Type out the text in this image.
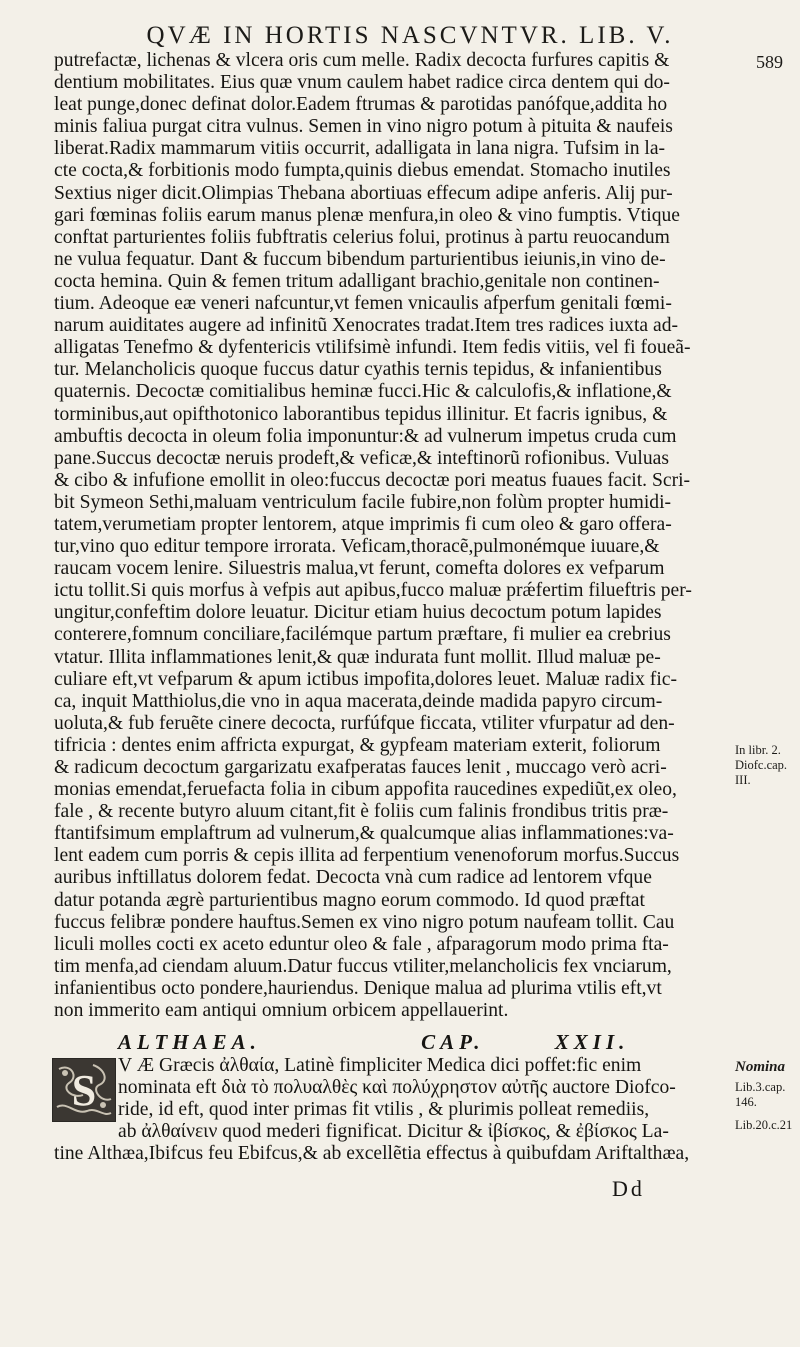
QVÆ IN HORTIS NASCVNTVR. LIB. V.
589
putrefactæ, lichenas & vlcera oris cum melle. Radix decocta furfures capitis &
dentium mobilitates. Eius quæ vnum caulem habet radice circa dentem qui do-
leat punge,donec definat dolor.Eadem ftrumas & parotidas panófque,addita ho
minis faliua purgat citra vulnus. Semen in vino nigro potum à pituita & naufeis
liberat.Radix mammarum vitiis occurrit, adalligata in lana nigra. Tufsim in la-
cte cocta,& forbitionis modo fumpta,quinis diebus emendat. Stomacho inutiles
Sextius niger dicit.Olimpias Thebana abortiuas effecum adipe anferis. Alij pur-
gari fœminas foliis earum manus plenæ menfura,in oleo & vino fumptis. Vtique
conftat parturientes foliis fubftratis celerius folui, protinus à partu reuocandum
ne vulua fequatur. Dant & fuccum bibendum parturientibus ieiunis,in vino de-
cocta hemina. Quin & femen tritum adalligant brachio,genitale non continen-
tium. Adeoque eæ veneri nafcuntur,vt femen vnicaulis afperfum genitali fœmi-
narum auiditates augere ad infinitũ Xenocrates tradat.Item tres radices iuxta ad-
alligatas Tenefmo & dyfentericis vtilifsimè infundi. Item fedis vitiis, vel fi foueã-
tur. Melancholicis quoque fuccus datur cyathis ternis tepidus, & infanientibus
quaternis. Decoctæ comitialibus heminæ fucci.Hic & calculofis,& inflatione,&
torminibus,aut opifthotonico laborantibus tepidus illinitur. Et facris ignibus, &
ambuftis decocta in oleum folia imponuntur:& ad vulnerum impetus cruda cum
pane.Succus decoctæ neruis prodeft,& veficæ,& inteftinorũ rofionibus. Vuluas
& cibo & infufione emollit in oleo:fuccus decoctæ pori meatus fuaues facit. Scri-
bit Symeon Sethi,maluam ventriculum facile fubire,non folùm propter humidi-
tatem,verumetiam propter lentorem, atque imprimis fi cum oleo & garo offera-
tur,vino quo editur tempore irrorata. Veficam,thoracẽ,pulmonémque iuuare,&
raucam vocem lenire. Siluestris malua,vt ferunt, comefta dolores ex vefparum
ictu tollit.Si quis morfus à vefpis aut apibus,fucco maluæ prǽfertim filueftris per-
ungitur,confeftim dolore leuatur. Dicitur etiam huius decoctum potum lapides
conterere,fomnum conciliare,facilémque partum præftare, fi mulier ea crebrius
vtatur. Illita inflammationes lenit,& quæ indurata funt mollit. Illud maluæ pe-
culiare eft,vt vefparum & apum ictibus impofita,dolores leuet. Maluæ radix fic-
ca, inquit Matthiolus,die vno in aqua macerata,deinde madida papyro circum-
uoluta,& fub feruẽte cinere decocta, rurfúfque ficcata, vtiliter vfurpatur ad den-
tifricia : dentes enim affricta expurgat, & gypfeam materiam exterit, foliorum
& radicum decoctum gargarizatu exafperatas fauces lenit , muccago verò acri-
monias emendat,feruefacta folia in cibum appofita raucedines expediũt,ex oleo,
fale , & recente butyro aluum citant,fit è foliis cum falinis frondibus tritis præ-
ftantifsimum emplaftrum ad vulnerum,& qualcumque alias inflammationes:va-
lent eadem cum porris & cepis illita ad ferpentium venenoforum morfus.Succus
auribus inftillatus dolorem fedat. Decocta vnà cum radice ad lentorem vfque
datur potanda ægrè parturientibus magno eorum commodo. Id quod præftat
fuccus felibræ pondere hauftus.Semen ex vino nigro potum naufeam tollit. Cau
liculi molles cocti ex aceto eduntur oleo & fale , afparagorum modo prima fta-
tim menfa,ad ciendam aluum.Datur fuccus vtiliter,melancholicis fex vnciarum,
infanientibus octo pondere,hauriendus. Denique malua ad plurima vtilis eft,vt
non immerito eam antiqui omnium orbicem appellauerint.
ALTHAEA.	CAP.	XXII.
S
V Æ Græcis ἀλθαία, Latinè fimpliciter Medica dici poffet:fic enim
nominata eft διὰ τὸ πολυαλθὲς καὶ πολύχρηστον αὐτῆς auctore Diofco-
ride, id eft, quod inter primas fit vtilis , & plurimis polleat remediis,
ab ἀλθαίνειν quod mederi fignificat. Dicitur & ἰβίσκος, & ἐβίσκος La-
tine Althæa,Ibifcus feu Ebifcus,& ab excellẽtia effectus à quibufdam Ariftalthæa,
Dd
In libr. 2.
Diofc.cap.
III.
Nomina
Lib.3.cap.
146.
Lib.20.c.21
